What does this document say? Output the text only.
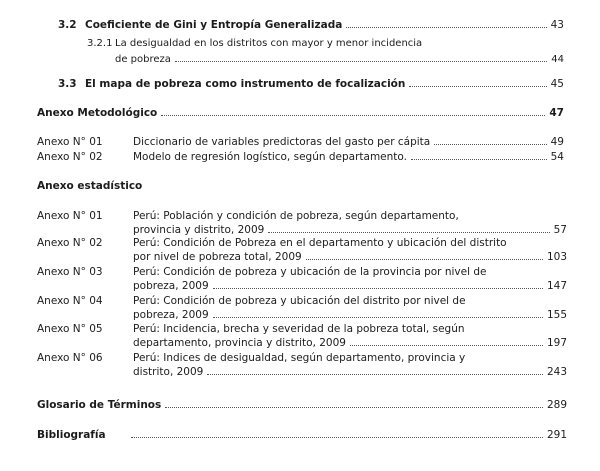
3.2 Coeficiente de Gini y Entropía Generalizada	43
3.2.1 La desigualdad en los distritos con mayor y menor incidencia
de pobreza	44
3.3 El mapa de pobreza como instrumento de focalización	45
Anexo Metodológico	47
Anexo N° 01	Diccionario de variables predictoras del gasto per cápita	49
Anexo N° 02	Modelo de regresión logístico, según departamento.	54
Anexo estadístico
Anexo N° 01	Perú: Población y condición de pobreza, según departamento,
provincia y distrito, 2009	57
Anexo N° 02	Perú: Condición de Pobreza en el departamento y ubicación del distrito
por nivel de pobreza total, 2009	103
Anexo N° 03	Perú: Condición de pobreza y ubicación de la provincia por nivel de
pobreza, 2009	147
Anexo N° 04	Perú: Condición de pobreza y ubicación del distrito por nivel de
pobreza, 2009	155
Anexo N° 05	Perú: Incidencia, brecha y severidad de la pobreza total, según
departamento, provincia y distrito, 2009	197
Anexo N° 06	Perú: Indices de desigualdad, según departamento, provincia y
distrito, 2009	243
Glosario de Términos	289
Bibliografía	291
